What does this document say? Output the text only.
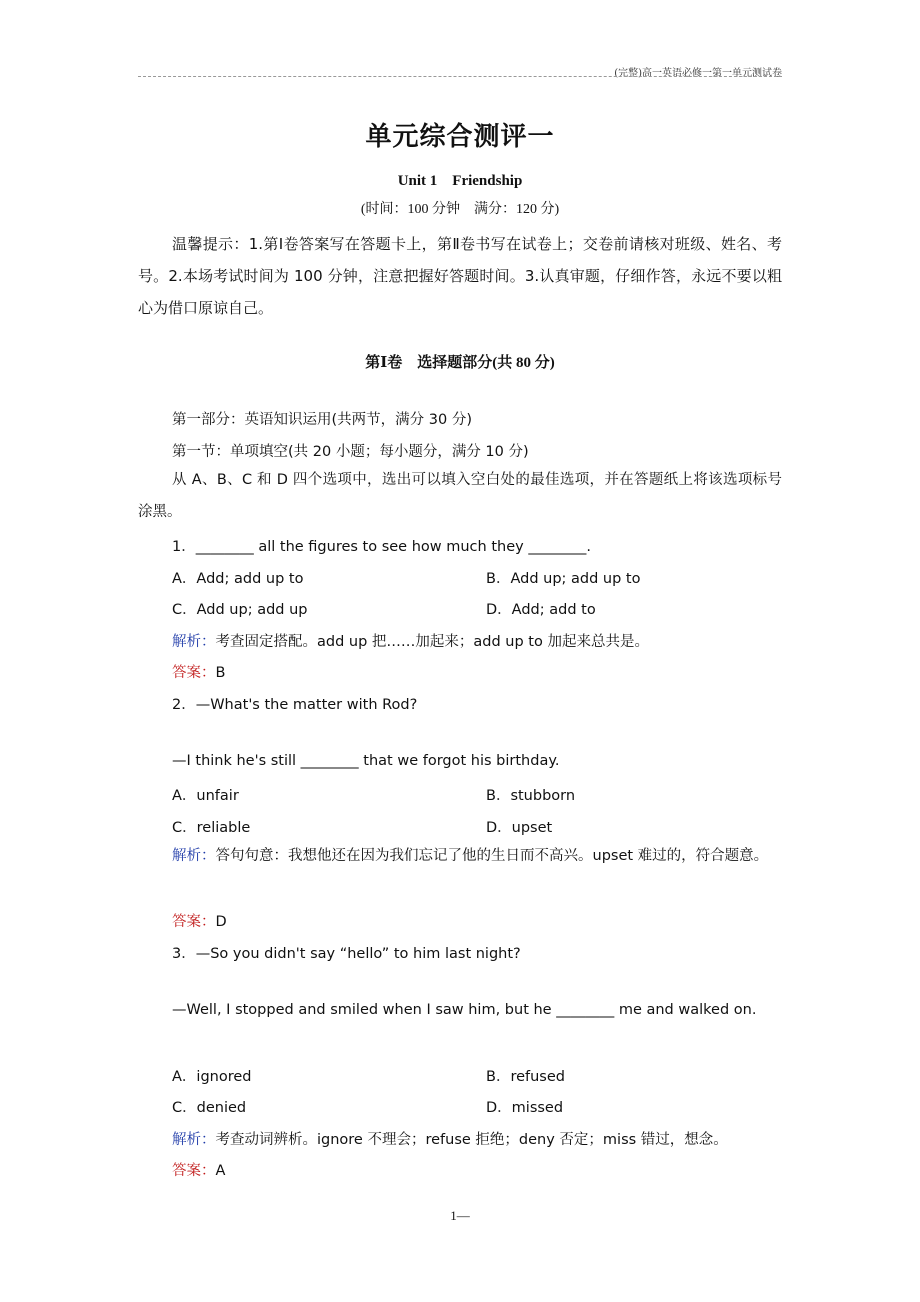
(完整)高一英语必修一第一单元测试卷
单元综合测评一
Unit 1　Friendship
(时间：100 分钟　满分：120 分)
温馨提示：1.第Ⅰ卷答案写在答题卡上，第Ⅱ卷书写在试卷上；交卷前请核对班级、姓名、考号。2.本场考试时间为 100 分钟，注意把握好答题时间。3.认真审题，仔细作答，永远不要以粗心为借口原谅自己。
第Ⅰ卷　选择题部分(共 80 分)
第一部分：英语知识运用(共两节，满分 30 分)
第一节：单项填空(共 20 小题；每小题分，满分 10 分)
从 A、B、C 和 D 四个选项中，选出可以填入空白处的最佳选项，并在答题纸上将该选项标号涂黑。
1．________ all the figures to see how much they ________.
A．Add; add up to	B．Add up; add up to
C．Add up; add up	D．Add; add to
解析：考查固定搭配。add up 把……加起来；add up to 加起来总共是。
答案：B
2．—What's the matter with Rod?
—I think he's still ________ that we forgot his birthday.
A．unfair	B．stubborn
C．reliable	D．upset
解析：答句句意：我想他还在因为我们忘记了他的生日而不高兴。upset 难过的，符合题意。
答案：D
3．—So you didn't say “hello” to him last night?
—Well, I stopped and smiled when I saw him, but he ________ me and walked on.
A．ignored	B．refused
C．denied	D．missed
解析：考查动词辨析。ignore 不理会；refuse 拒绝；deny 否定；miss 错过，想念。
答案：A
1—
